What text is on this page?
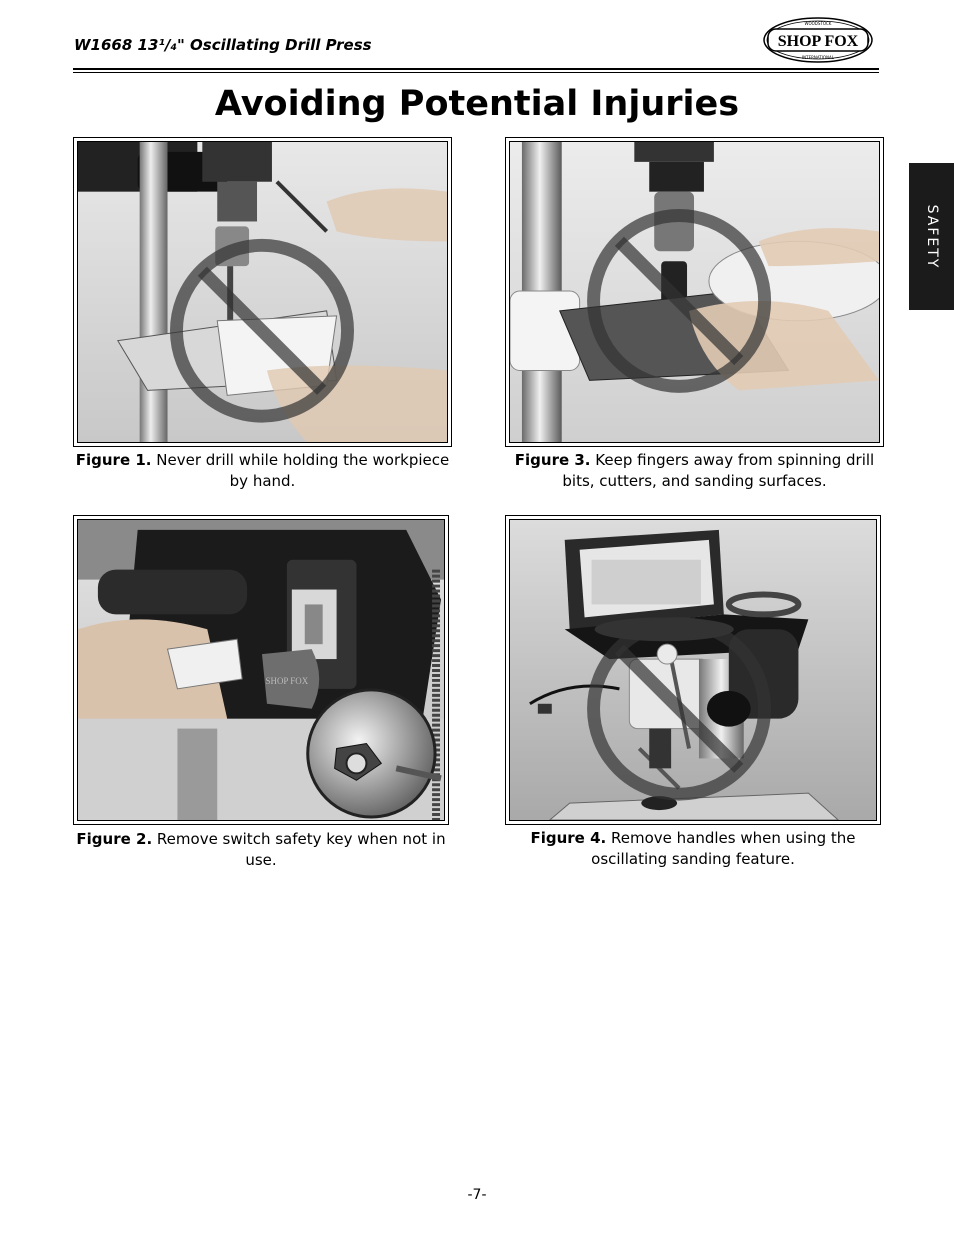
W1668 13¹/₄" Oscillating Drill Press	SHOP FOX
WOODSTOCK
INTERNATIONAL
Avoiding Potential Injuries
SAFETY
Figure 1. Never drill while holding the workpiece by hand.
Figure 3. Keep fingers away from spinning drill bits, cutters, and sanding surfaces.
SHOP FOX
Figure 2. Remove switch safety key when not in use.
Figure 4. Remove handles when using the oscillating sanding feature.
-7-
